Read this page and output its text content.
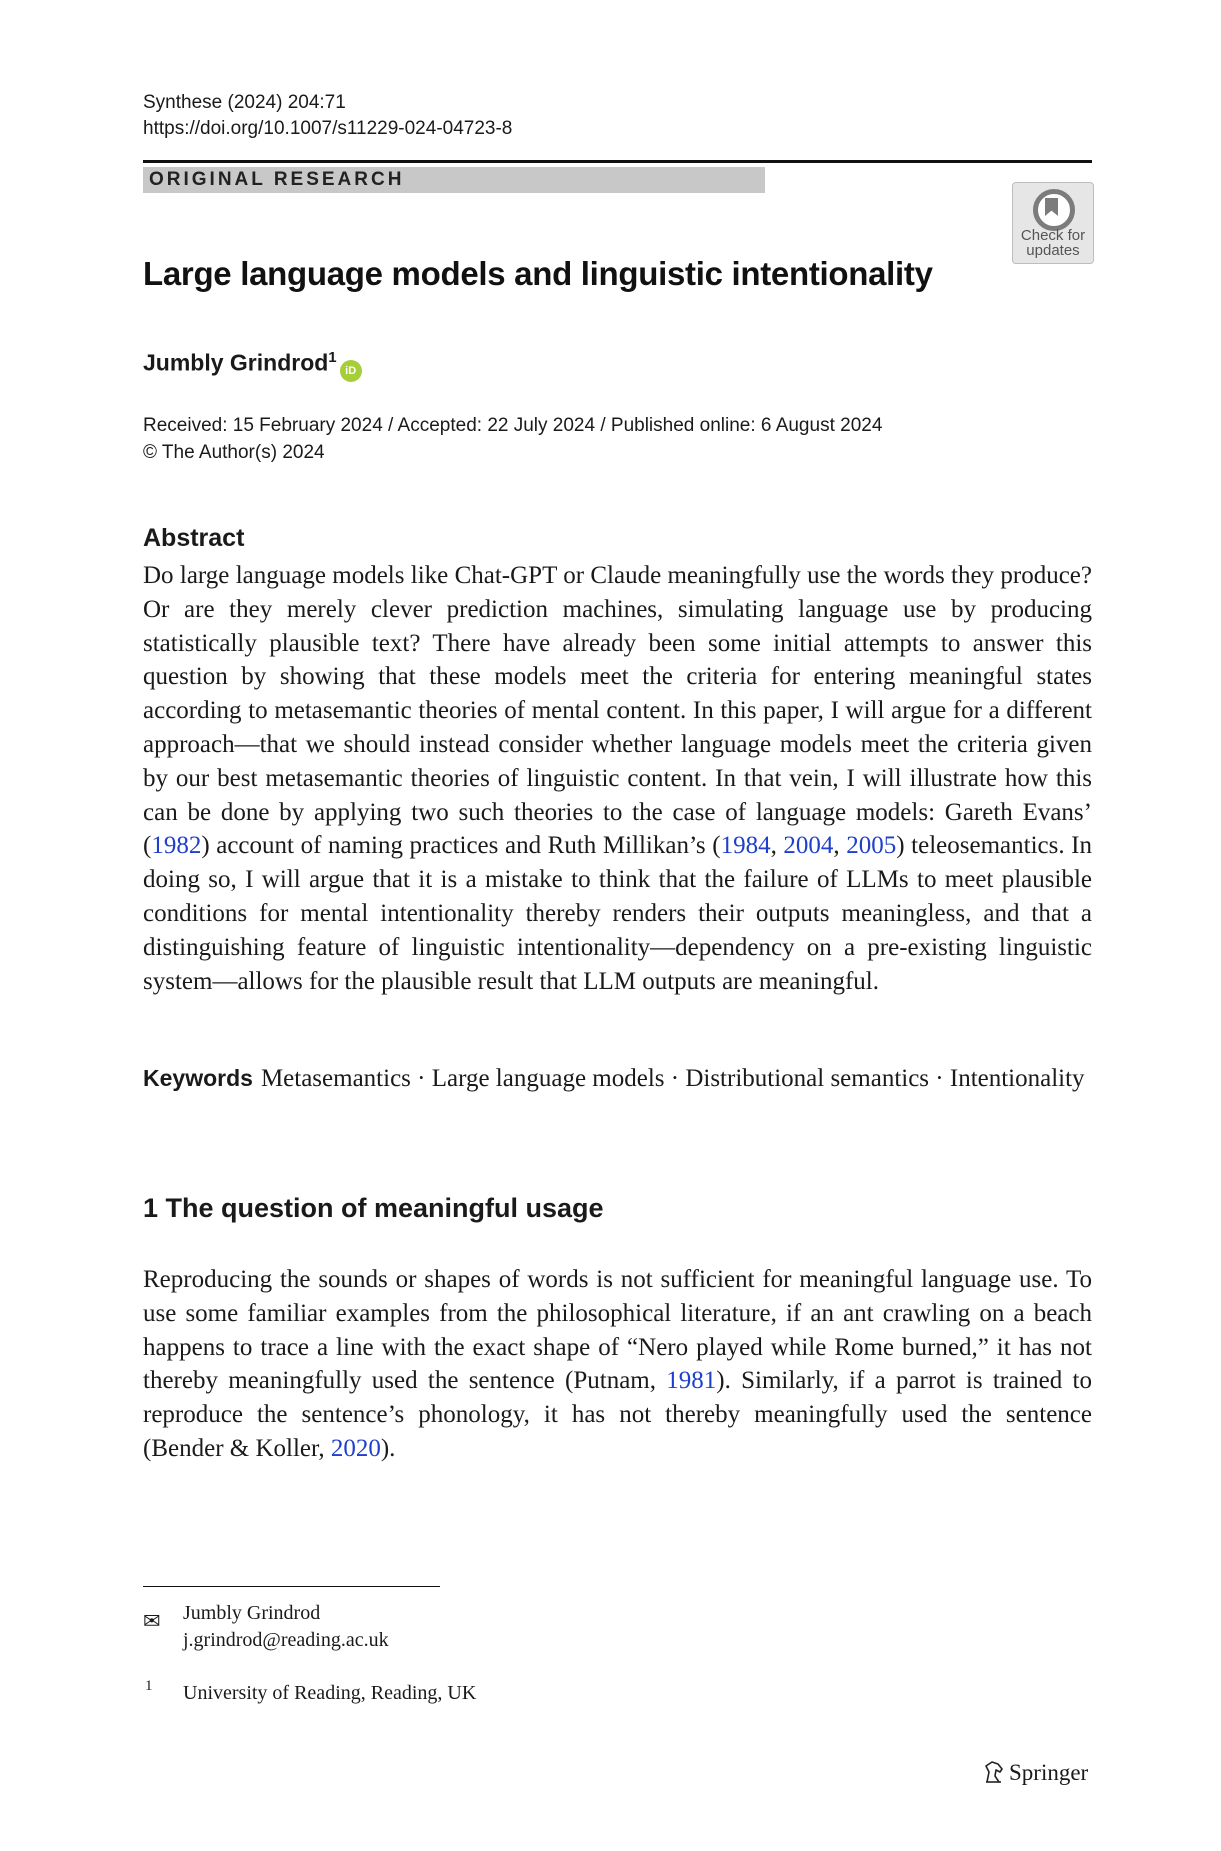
Synthese (2024) 204:71
https://doi.org/10.1007/s11229-024-04723-8
ORIGINAL RESEARCH
Check for
updates
Large language models and linguistic intentionality
Jumbly Grindrod$^1$iD
Received: 15 February 2024 / Accepted: 22 July 2024 / Published online: 6 August 2024
© The Author(s) 2024
Abstract

Do large language models like Chat-GPT or Claude meaningfully use the words they produce? Or are they merely clever prediction machines, simulating language use by producing statistically plausible text? There have already been some initial attempts to answer this question by showing that these models meet the criteria for entering meaningful states according to metasemantic theories of mental content. In this paper, I will argue for a different approach—that we should instead consider whether language models meet the criteria given by our best metasemantic theories of linguistic content. In that vein, I will illustrate how this can be done by applying two such theories to the case of language models: Gareth Evans’ (1982) account of naming practices and Ruth Millikan’s (1984, 2004, 2005) teleosemantics. In doing so, I will argue that it is a mistake to think that the failure of LLMs to meet plausible conditions for mental intentionality thereby renders their outputs meaningless, and that a distinguishing feature of linguistic intentionality—dependency on a pre-existing linguistic system—allows for the plausible result that LLM outputs are meaningful.

Keywords Metasemantics · Large language models · Distributional semantics · Intentionality
1 The question of meaningful usage

Reproducing the sounds or shapes of words is not sufficient for meaningful language use. To use some familiar examples from the philosophical literature, if an ant crawling on a beach happens to trace a line with the exact shape of “Nero played while Rome burned,” it has not thereby meaningfully used the sentence (Putnam, 1981). Similarly, if a parrot is trained to reproduce the sentence’s phonology, it has not thereby meaningfully used the sentence (Bender & Koller, 2020).

✉ Jumbly Grindrod
j.grindrod@reading.ac.uk
1 University of Reading, Reading, UK
Springer
